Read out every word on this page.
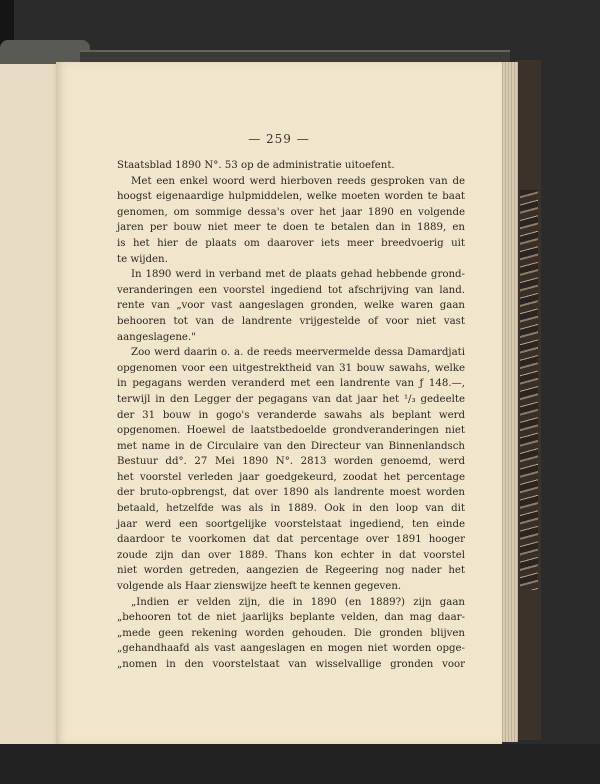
— 259 —
Staatsblad 1890 N°. 53 op de administratie uitoefent.
Met een enkel woord werd hierboven reeds gesproken van de
hoogst eigenaardige hulpmiddelen, welke moeten worden te baat
genomen, om sommige dessa's over het jaar 1890 en volgende
jaren per bouw niet meer te doen te betalen dan in 1889, en
is het hier de plaats om daarover iets meer breedvoerig uit
te wijden.
In 1890 werd in verband met de plaats gehad hebbende grond-
veranderingen een voorstel ingediend tot afschrijving van land.
rente van „voor vast aangeslagen gronden, welke waren gaan
behooren tot van de landrente vrijgestelde of voor niet vast
aangeslagene."
Zoo werd daarin o. a. de reeds meervermelde dessa Damardjati
opgenomen voor een uitgestrektheid van 31 bouw sawahs, welke
in pegagans werden veranderd met een landrente van ƒ 148.—,
terwijl in den Legger der pegagans van dat jaar het ¹/₃ gedeelte
der 31 bouw in gogo's veranderde sawahs als beplant werd
opgenomen. Hoewel de laatstbedoelde grondveranderingen niet
met name in de Circulaire van den Directeur van Binnenlandsch
Bestuur dd°. 27 Mei 1890 N°. 2813 worden genoemd, werd
het voorstel verleden jaar goedgekeurd, zoodat het percentage
der bruto-opbrengst, dat over 1890 als landrente moest worden
betaald, hetzelfde was als in 1889. Ook in den loop van dit
jaar werd een soortgelijke voorstelstaat ingediend, ten einde
daardoor te voorkomen dat dat percentage over 1891 hooger
zoude zijn dan over 1889. Thans kon echter in dat voorstel
niet worden getreden, aangezien de Regeering nog nader het
volgende als Haar zienswijze heeft te kennen gegeven.
„Indien er velden zijn, die in 1890 (en 1889?) zijn gaan
„behooren tot de niet jaarlijks beplante velden, dan mag daar-
„mede geen rekening worden gehouden. Die gronden blijven
„gehandhaafd als vast aangeslagen en mogen niet worden opge-
„nomen in den voorstelstaat van wisselvallige gronden voor
